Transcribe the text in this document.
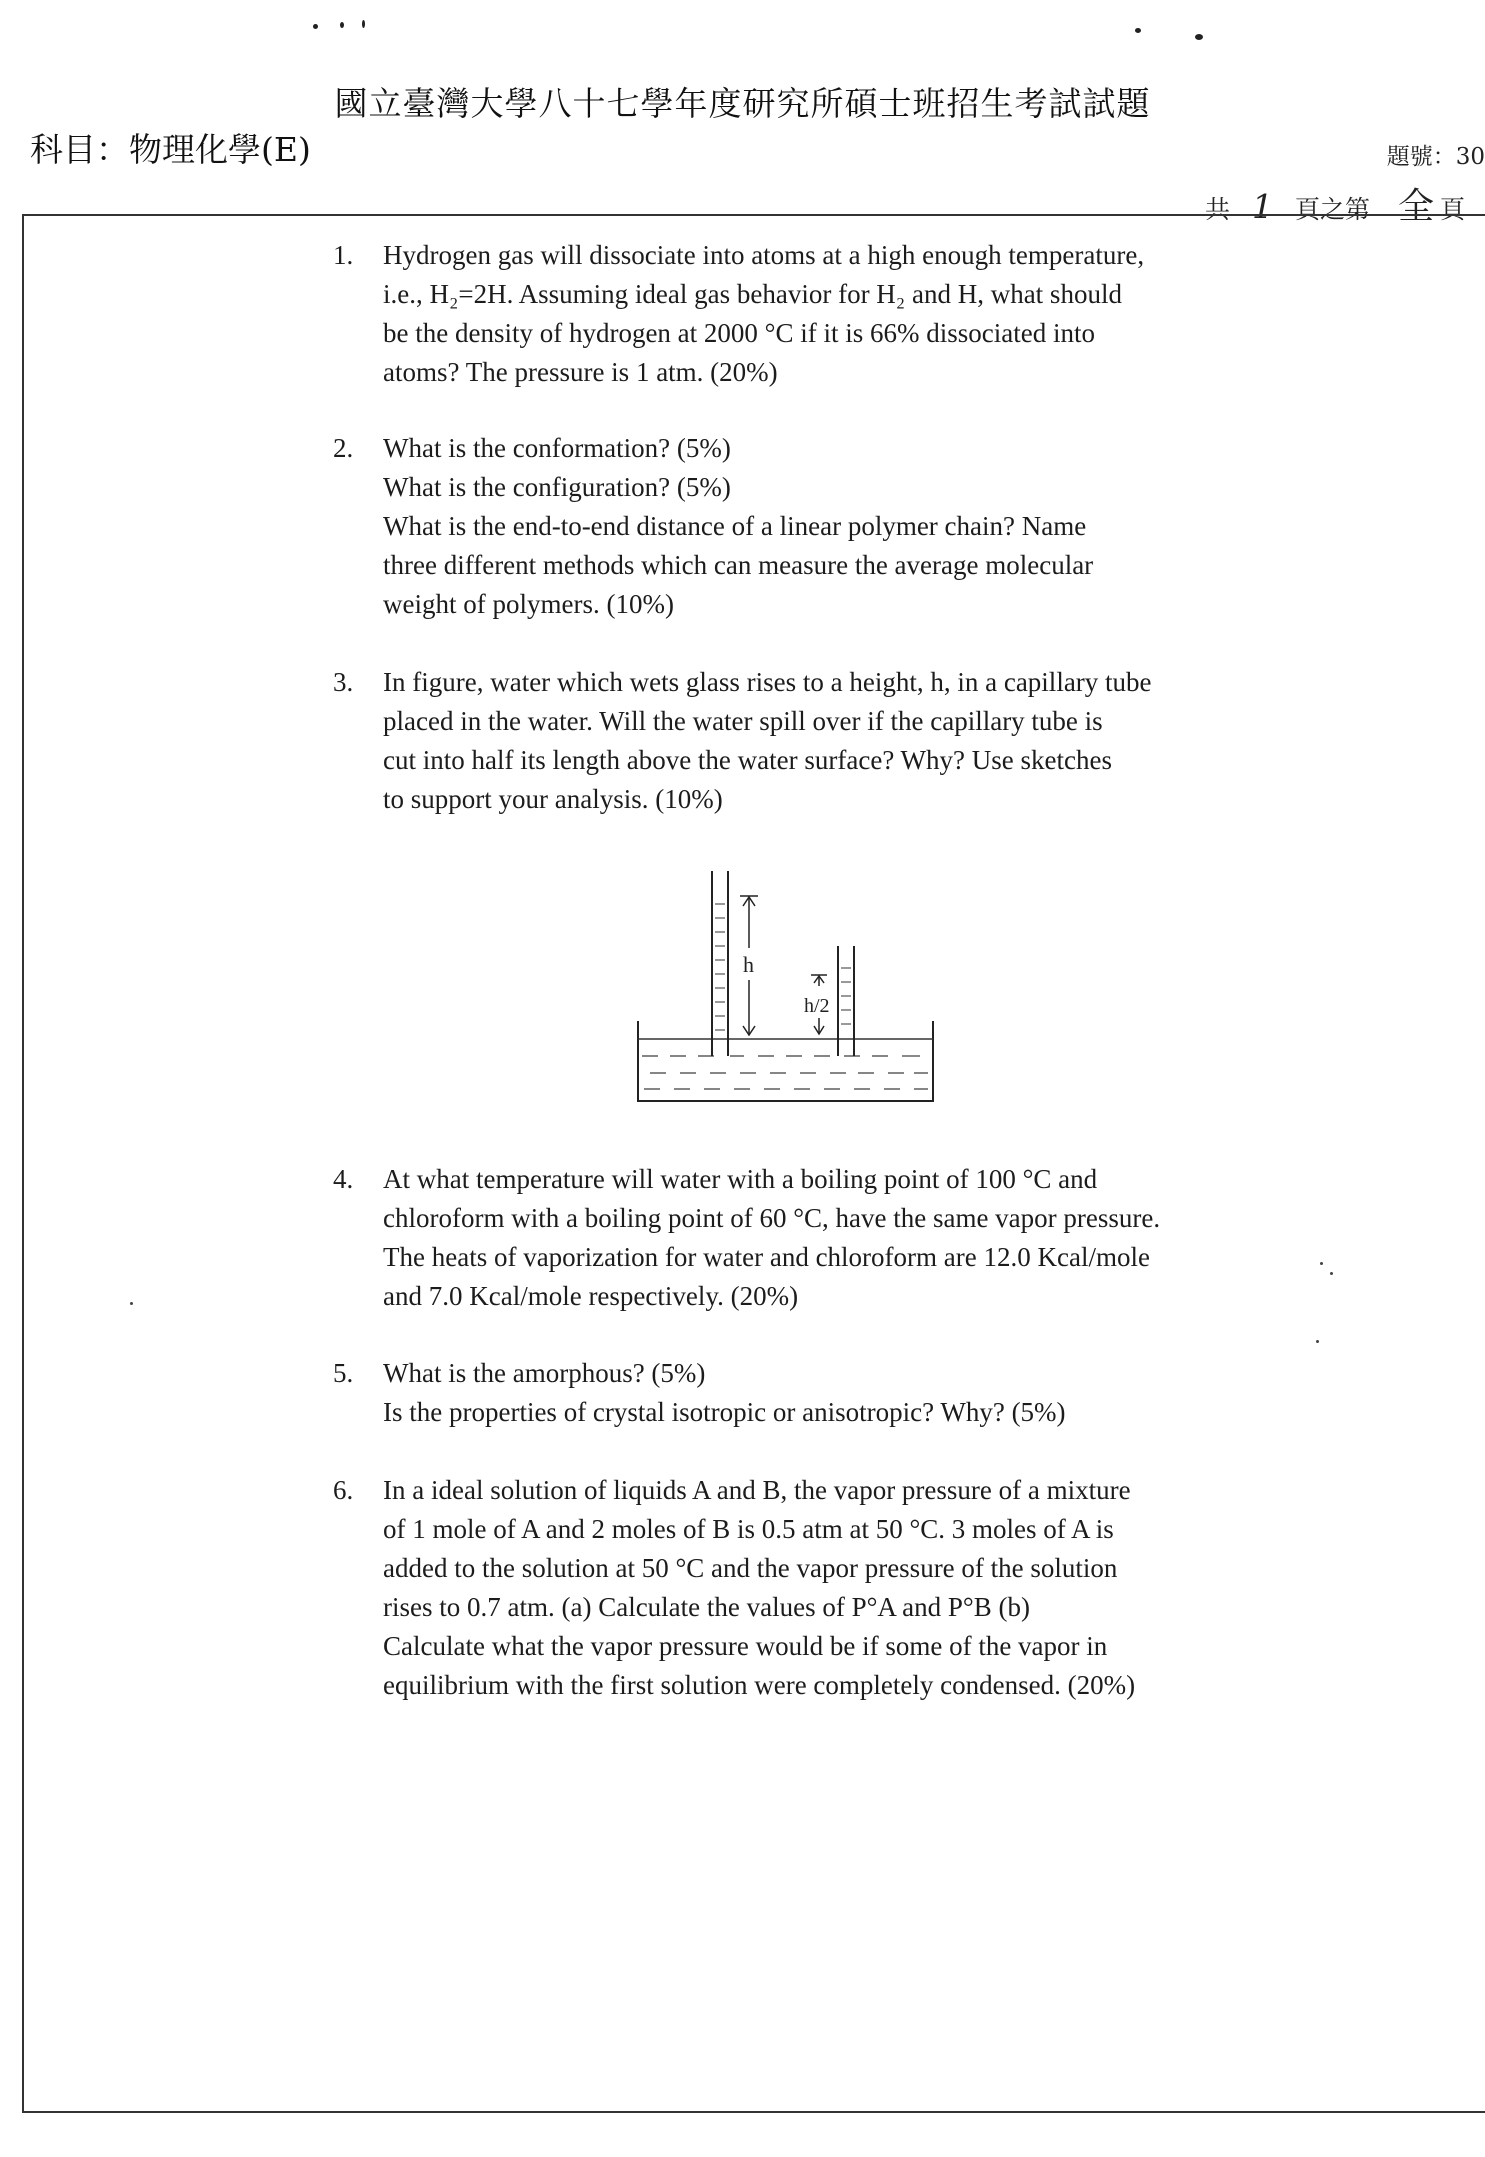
國立臺灣大學八十七學年度研究所碩士班招生考試試題
科目：物理化學(E)	題號：30
共 1 頁之第 全 頁
1.	Hydrogen gas will dissociate into atoms at a high enough temperature,
i.e., H₂=2H. Assuming ideal gas behavior for H₂ and H, what should
be the density of hydrogen at 2000 °C if it is 66% dissociated into
atoms? The pressure is 1 atm. (20%)
2.	What is the conformation? (5%)
What is the configuration? (5%)
What is the end-to-end distance of a linear polymer chain? Name
three different methods which can measure the average molecular
weight of polymers. (10%)
3.	In figure, water which wets glass rises to a height, h, in a capillary tube
placed in the water. Will the water spill over if the capillary tube is
cut into half its length above the water surface? Why? Use sketches
to support your analysis. (10%)
h
h/2
4.	At what temperature will water with a boiling point of 100 °C and
chloroform with a boiling point of 60 °C, have the same vapor pressure.
The heats of vaporization for water and chloroform are 12.0 Kcal/mole
and 7.0 Kcal/mole respectively. (20%)
5.	What is the amorphous? (5%)
Is the properties of crystal isotropic or anisotropic? Why? (5%)
6.	In a ideal solution of liquids A and B, the vapor pressure of a mixture
of 1 mole of A and 2 moles of B is 0.5 atm at 50 °C. 3 moles of A is
added to the solution at 50 °C and the vapor pressure of the solution
rises to 0.7 atm. (a) Calculate the values of P°A and P°B (b)
Calculate what the vapor pressure would be if some of the vapor in
equilibrium with the first solution were completely condensed. (20%)
